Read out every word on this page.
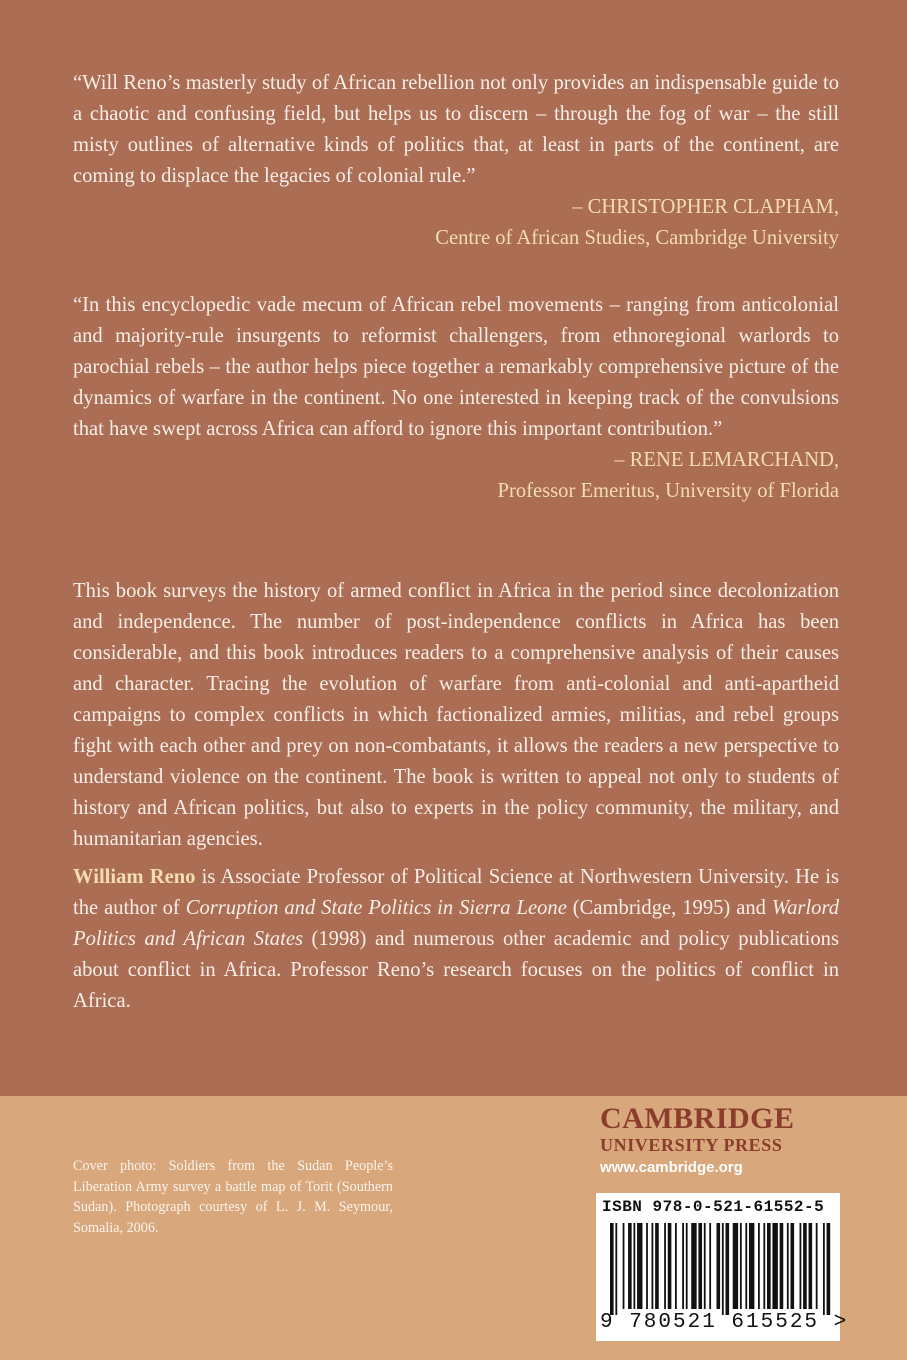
“Will Reno’s masterly study of African rebellion not only provides an indispensable guide to a chaotic and confusing field, but helps us to discern – through the fog of war – the still misty outlines of alternative kinds of politics that, at least in parts of the continent, are coming to displace the legacies of colonial rule.”
– CHRISTOPHER CLAPHAM,
Centre of African Studies, Cambridge University
“In this encyclopedic vade mecum of African rebel movements – ranging from anticolonial and majority-rule insurgents to reformist challengers, from ethnoregional warlords to parochial rebels – the author helps piece together a remarkably comprehensive picture of the dynamics of warfare in the continent. No one interested in keeping track of the convulsions that have swept across Africa can afford to ignore this important contribution.”
– RENE LEMARCHAND,
Professor Emeritus, University of Florida
This book surveys the history of armed conflict in Africa in the period since decolonization and independence. The number of post-independence conflicts in Africa has been considerable, and this book introduces readers to a comprehensive analysis of their causes and character. Tracing the evolution of warfare from anti-colonial and anti-apartheid campaigns to complex conflicts in which factionalized armies, militias, and rebel groups fight with each other and prey on non-combatants, it allows the readers a new perspective to understand violence on the continent. The book is written to appeal not only to students of history and African politics, but also to experts in the policy community, the military, and humanitarian agencies.
William Reno is Associate Professor of Political Science at Northwestern University. He is the author of Corruption and State Politics in Sierra Leone (Cambridge, 1995) and Warlord Politics and African States (1998) and numerous other academic and policy publications about conflict in Africa. Professor Reno’s research focuses on the politics of conflict in Africa.
Cover photo: Soldiers from the Sudan People’s Liberation Army survey a battle map of Torit (Southern Sudan). Photograph courtesy of L. J. M. Seymour, Somalia, 2006.
CAMBRIDGE
UNIVERSITY PRESS
www.cambridge.org
ISBN 978-0-521-61552-5
9 780521 615525 >
